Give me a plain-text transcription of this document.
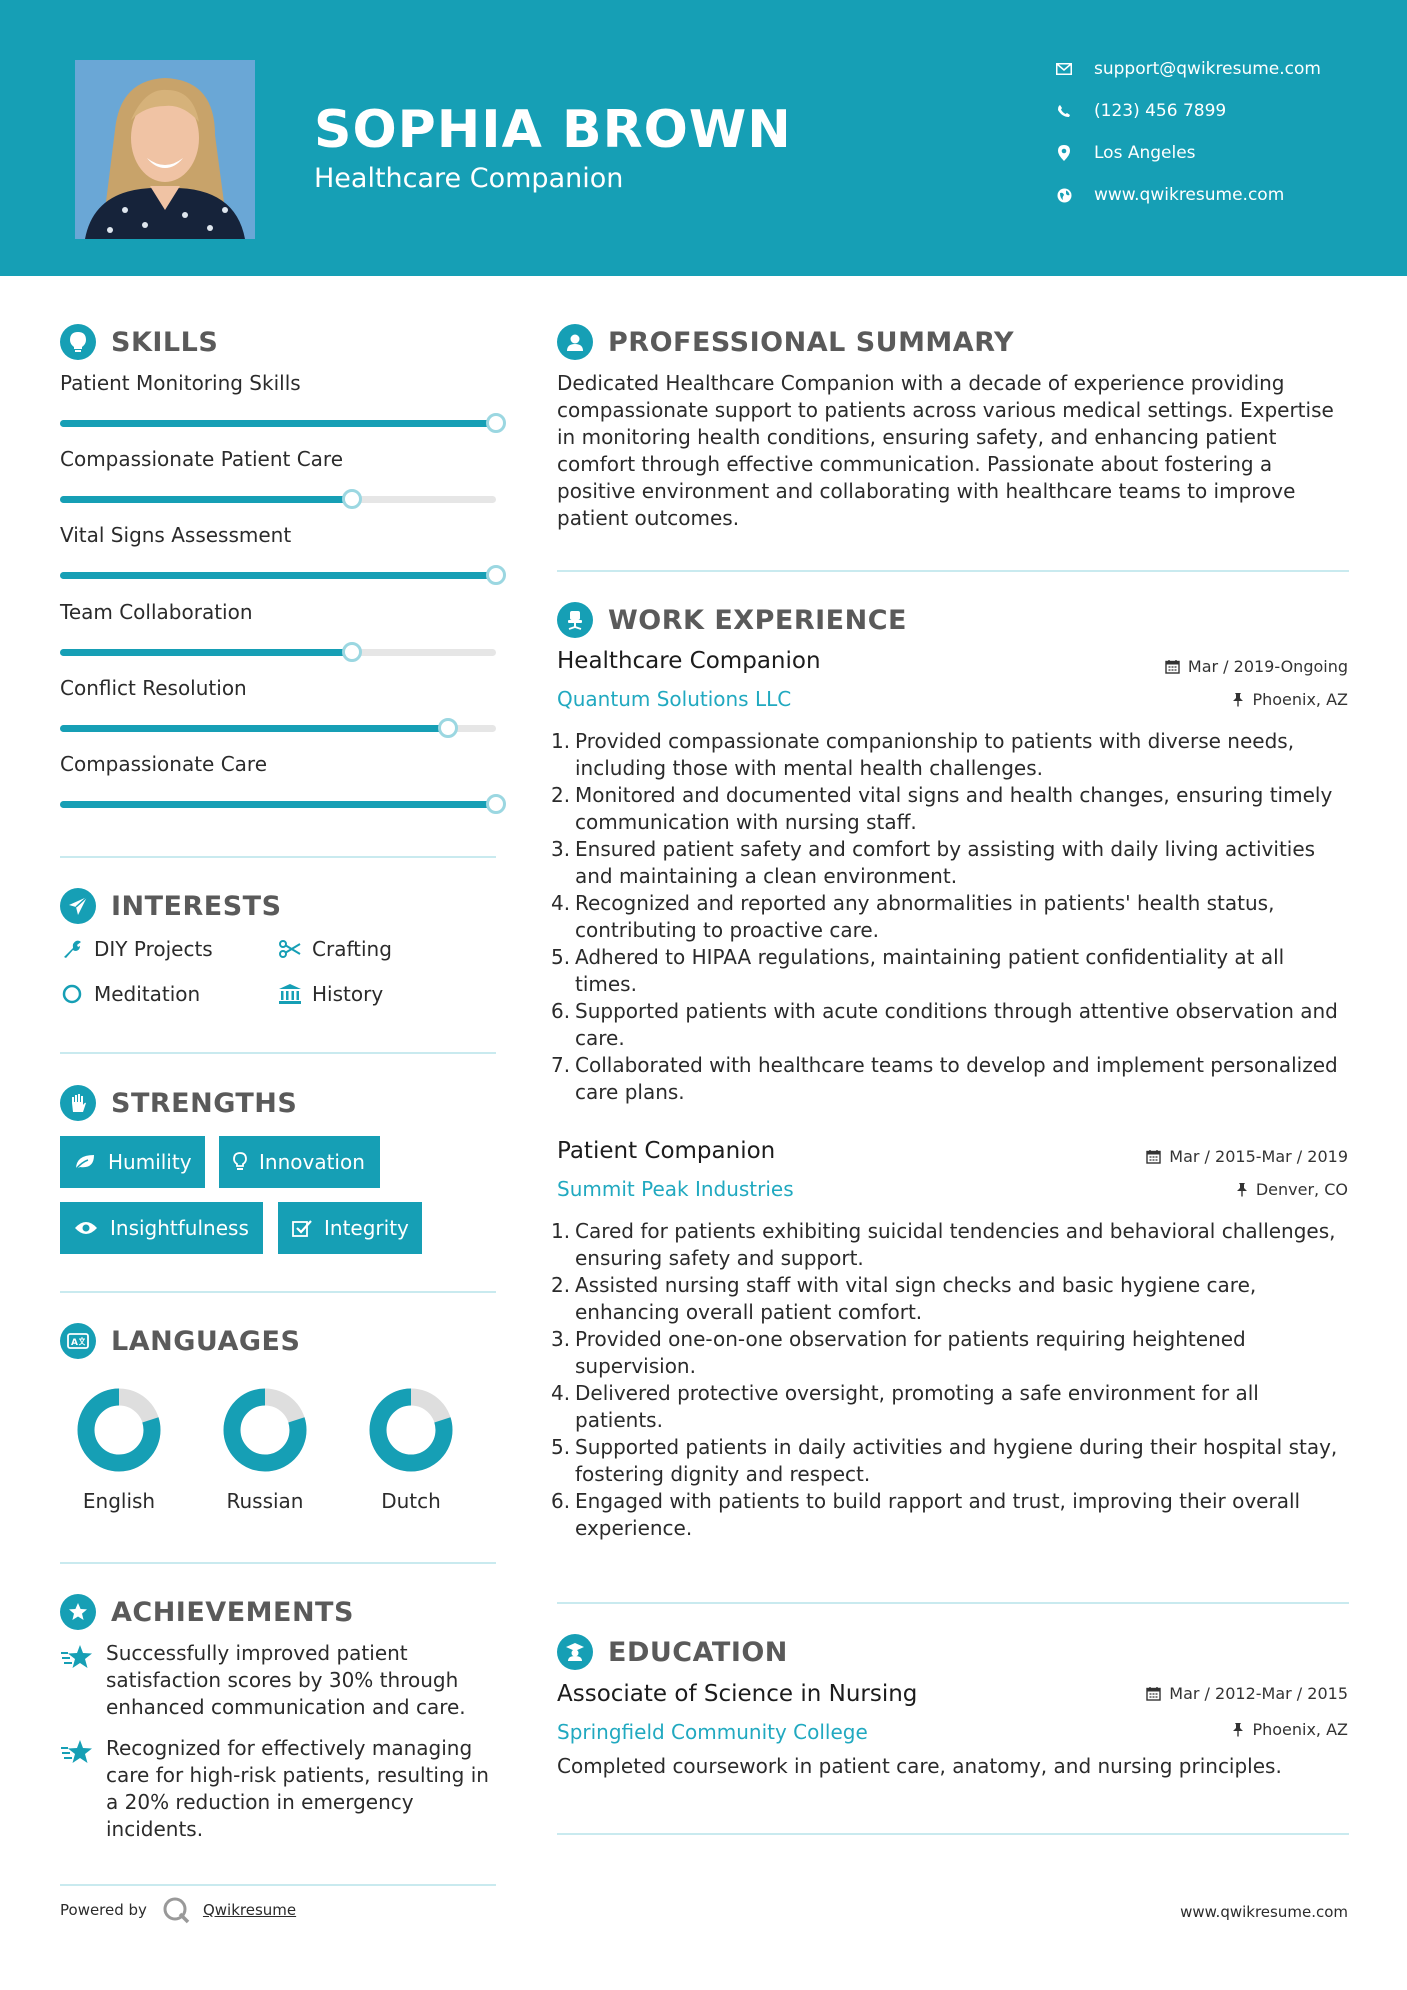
SOPHIA BROWN
Healthcare Companion
support@qwikresume.com
(123) 456 7899
Los Angeles
www.qwikresume.com
SKILLS
Patient Monitoring Skills
Compassionate Patient Care
Vital Signs Assessment
Team Collaboration
Conflict Resolution
Compassionate Care
INTERESTS
DIY Projects	Crafting
Meditation	History
STRENGTHS
Humility	Innovation
Insightfulness	Integrity
A LANGUAGES
English	Russian	Dutch
ACHIEVEMENTS
Successfully improved patient satisfaction scores by 30% through enhanced communication and care.
Recognized for effectively managing care for high-risk patients, resulting in a 20% reduction in emergency incidents.
PROFESSIONAL SUMMARY
Dedicated Healthcare Companion with a decade of experience providing compassionate support to patients across various medical settings. Expertise in monitoring health conditions, ensuring safety, and enhancing patient comfort through effective communication. Passionate about fostering a positive environment and collaborating with healthcare teams to improve patient outcomes.
WORK EXPERIENCE
Healthcare Companion
Quantum Solutions LLC
Mar / 2019-Ongoing
Phoenix, AZ
1. Provided compassionate companionship to patients with diverse needs, including those with mental health challenges.
2. Monitored and documented vital signs and health changes, ensuring timely communication with nursing staff.
3. Ensured patient safety and comfort by assisting with daily living activities and maintaining a clean environment.
4. Recognized and reported any abnormalities in patients' health status, contributing to proactive care.
5. Adhered to HIPAA regulations, maintaining patient confidentiality at all times.
6. Supported patients with acute conditions through attentive observation and care.
7. Collaborated with healthcare teams to develop and implement personalized care plans.
Patient Companion
Summit Peak Industries
Mar / 2015-Mar / 2019
Denver, CO
1. Cared for patients exhibiting suicidal tendencies and behavioral challenges, ensuring safety and support.
2. Assisted nursing staff with vital sign checks and basic hygiene care, enhancing overall patient comfort.
3. Provided one-on-one observation for patients requiring heightened supervision.
4. Delivered protective oversight, promoting a safe environment for all patients.
5. Supported patients in daily activities and hygiene during their hospital stay, fostering dignity and respect.
6. Engaged with patients to build rapport and trust, improving their overall experience.
EDUCATION
Associate of Science in Nursing
Springfield Community College
Mar / 2012-Mar / 2015
Phoenix, AZ
Completed coursework in patient care, anatomy, and nursing principles.
Powered by	Qwikresume	www.qwikresume.com
